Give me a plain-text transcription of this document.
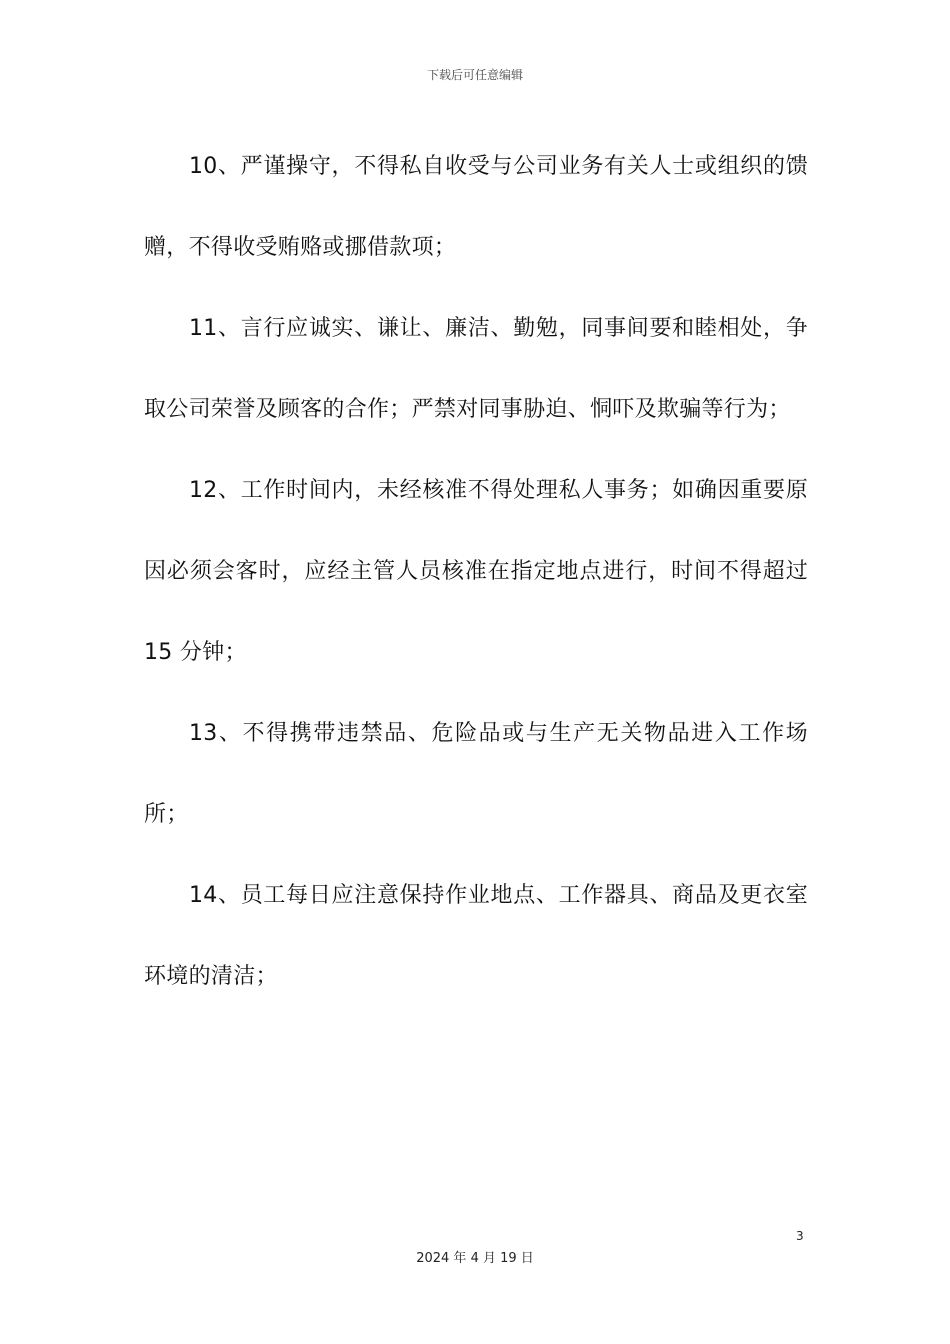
下载后可任意编辑

10、严谨操守，不得私自收受与公司业务有关人士或组织的馈赠，不得收受贿赂或挪借款项；

11、言行应诚实、谦让、廉洁、勤勉，同事间要和睦相处，争取公司荣誉及顾客的合作；严禁对同事胁迫、恫吓及欺骗等行为；

12、工作时间内，未经核准不得处理私人事务；如确因重要原因必须会客时，应经主管人员核准在指定地点进行，时间不得超过 15 分钟；

13、不得携带违禁品、危险品或与生产无关物品进入工作场所；

14、员工每日应注意保持作业地点、工作器具、商品及更衣室环境的清洁；

3
2024 年 4 月 19 日
